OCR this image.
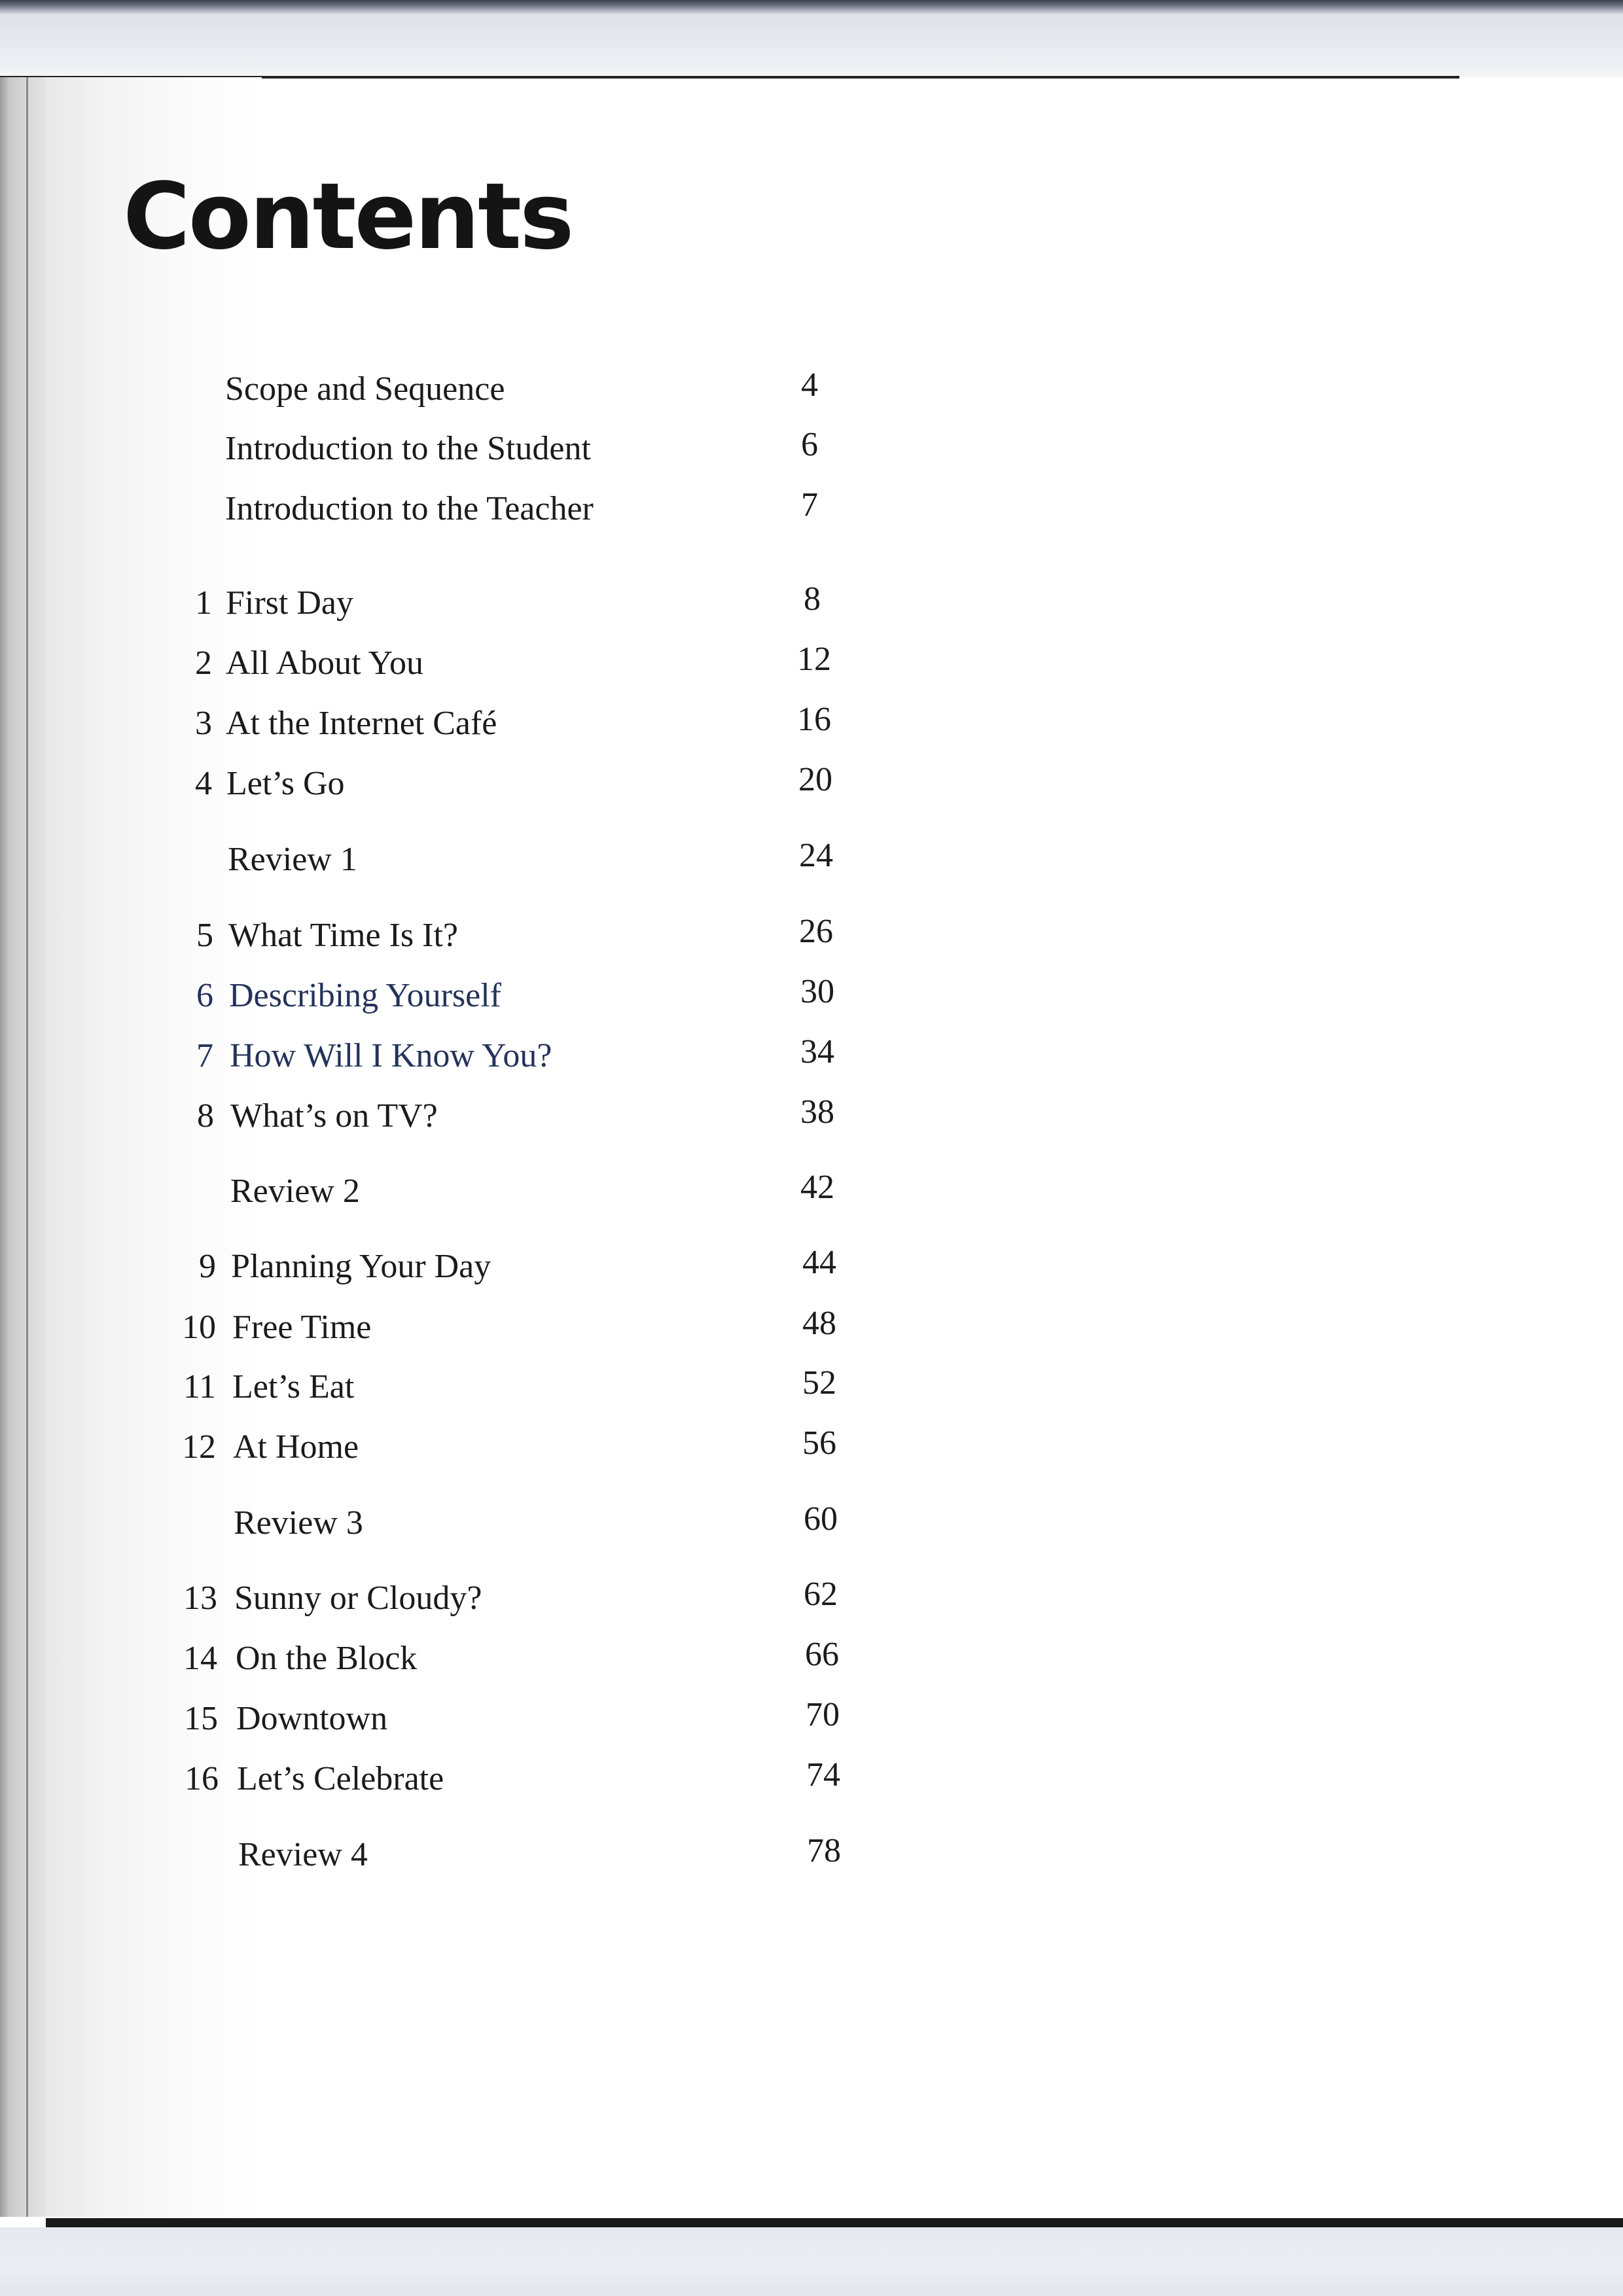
Contents
Scope and Sequence	4
Introduction to the Student	6
Introduction to the Teacher	7
1 First Day	8
2 All About You	12
3 At the Internet Café	16
4 Let’s Go	20
Review 1	24
5 What Time Is It?	26
6 Describing Yourself	30
7 How Will I Know You?	34
8 What’s on TV?	38
Review 2	42
9 Planning Your Day	44
10 Free Time	48
11 Let’s Eat	52
12 At Home	56
Review 3	60
13 Sunny or Cloudy?	62
14 On the Block	66
15 Downtown	70
16 Let’s Celebrate	74
Review 4	78
